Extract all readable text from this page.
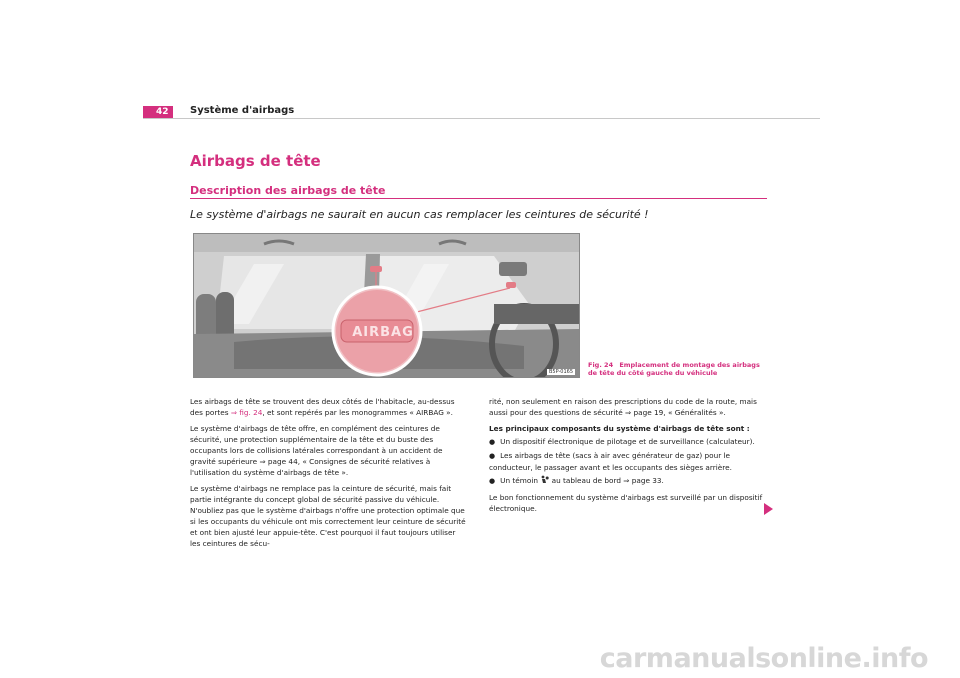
42	Système d'airbags
Airbags de tête
Description des airbags de tête
Le système d'airbags ne saurait en aucun cas remplacer les ceintures de sécurité !
AIRBAG
B5P-0165
Fig. 24 Emplacement de montage des airbags de tête du côté gauche du véhicule

Les airbags de tête se trouvent des deux côtés de l'habitacle, au-dessus des portes ⇒ fig. 24, et sont repérés par les monogrammes « AIRBAG ».

Le système d'airbags de tête offre, en complément des ceintures de sécurité, une protection supplémentaire de la tête et du buste des occupants lors de collisions latérales correspondant à un accident de gravité supérieure ⇒ page 44, « Consignes de sécurité relatives à l'utilisation du système d'airbags de tête ».

Le système d'airbags ne remplace pas la ceinture de sécurité, mais fait partie intégrante du concept global de sécurité passive du véhicule. N'oubliez pas que le système d'airbags n'offre une protection optimale que si les occupants du véhicule ont mis correctement leur ceinture de sécurité et ont bien ajusté leur appuie-tête. C'est pourquoi il faut toujours utiliser les ceintures de sécu-

rité, non seulement en raison des prescriptions du code de la route, mais aussi pour des questions de sécurité ⇒ page 19, « Généralités ».

Les principaux composants du système d'airbags de tête sont :

● Un dispositif électronique de pilotage et de surveillance (calculateur).

● Les airbags de tête (sacs à air avec générateur de gaz) pour le conducteur, le passager avant et les occupants des sièges arrière.

● Un témoin  au tableau de bord ⇒ page 33.

Le bon fonctionnement du système d'airbags est surveillé par un dispositif électronique.

carmanualsonline.info
